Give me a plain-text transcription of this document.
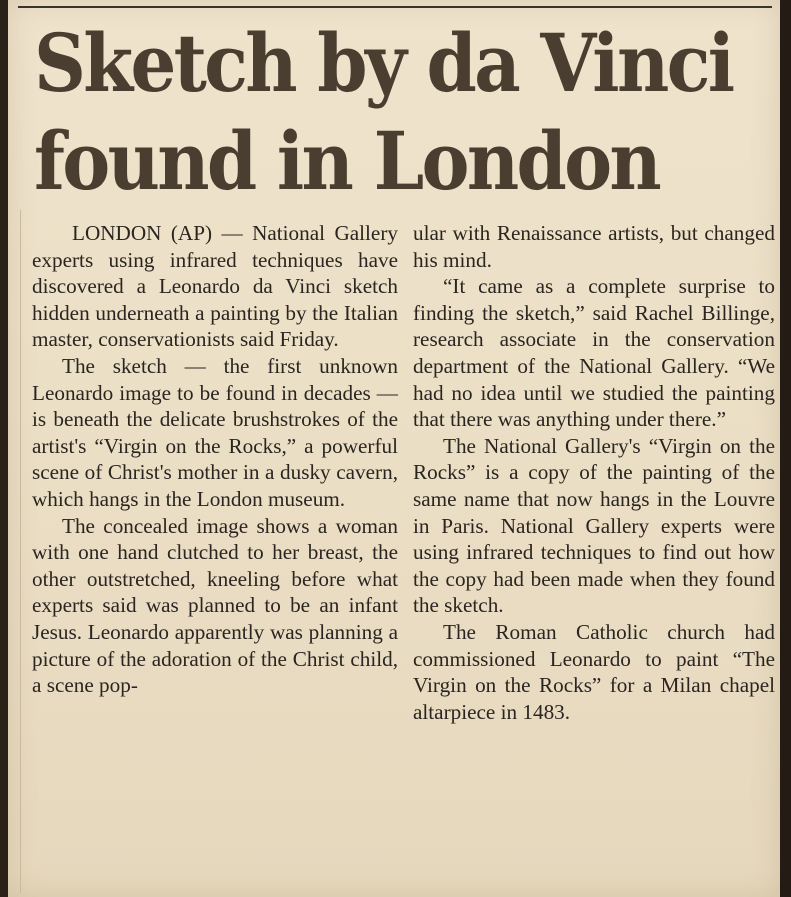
Sketch by da Vinci
found in London

LONDON (AP) — National Gallery experts using infrared techniques have discovered a Leonardo da Vinci sketch hidden underneath a painting by the Italian master, conservationists said Friday.

The sketch — the first unknown Leonardo image to be found in decades — is beneath the delicate brushstrokes of the artist's “Virgin on the Rocks,” a powerful scene of Christ's mother in a dusky cavern, which hangs in the London museum.

The concealed image shows a woman with one hand clutched to her breast, the other outstretched, kneeling before what experts said was planned to be an infant Jesus. Leonardo apparently was planning a picture of the adoration of the Christ child, a scene pop-

ular with Renaissance artists, but changed his mind.

“It came as a complete surprise to finding the sketch,” said Rachel Billinge, research associate in the conservation department of the National Gallery. “We had no idea until we studied the painting that there was anything under there.”

The National Gallery's “Virgin on the Rocks” is a copy of the painting of the same name that now hangs in the Louvre in Paris. National Gallery experts were using infrared techniques to find out how the copy had been made when they found the sketch.

The Roman Catholic church had commissioned Leonardo to paint “The Virgin on the Rocks” for a Milan chapel altarpiece in 1483.
